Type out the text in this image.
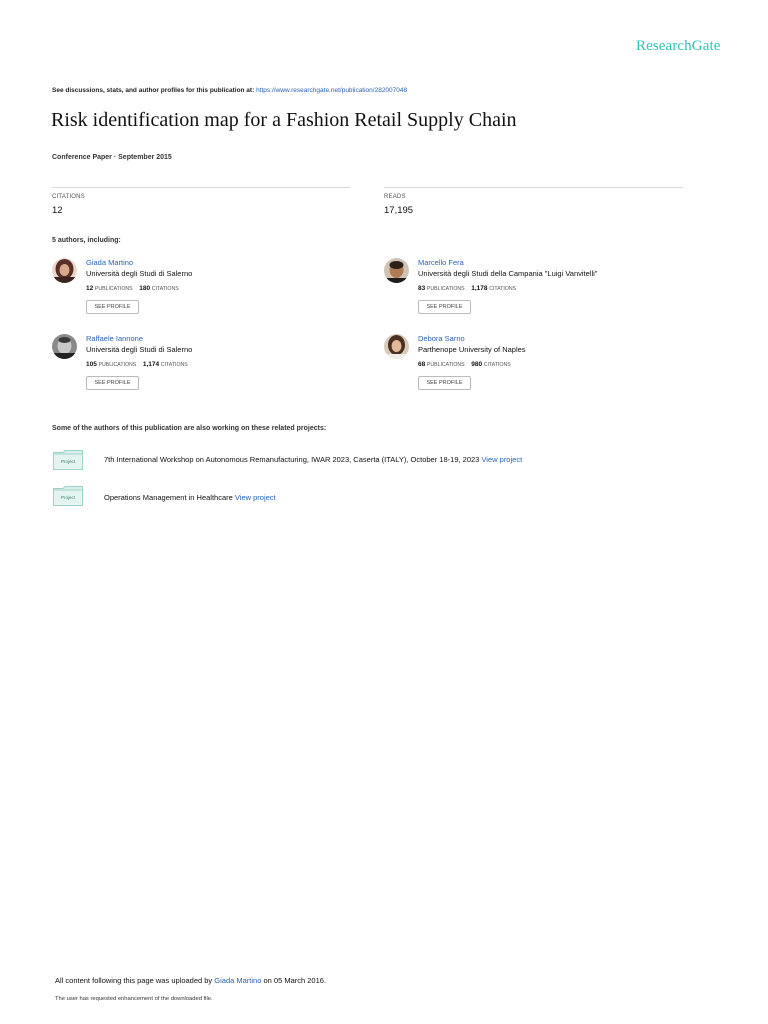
ResearchGate
See discussions, stats, and author profiles for this publication at: https://www.researchgate.net/publication/282007048
Risk identification map for a Fashion Retail Supply Chain
Conference Paper · September 2015
CITATIONS
12
READS
17,195
5 authors, including:
Giada Martino
Università degli Studi di Salerno
12 PUBLICATIONS 180 CITATIONS
SEE PROFILE
Marcello Fera
Università degli Studi della Campania "Luigi Vanvitelli"
83 PUBLICATIONS 1,178 CITATIONS
SEE PROFILE
Raffaele Iannone
Università degli Studi di Salerno
105 PUBLICATIONS 1,174 CITATIONS
SEE PROFILE
Debora Sarno
Parthenope University of Naples
68 PUBLICATIONS 980 CITATIONS
SEE PROFILE
Some of the authors of this publication are also working on these related projects:
Project	7th International Workshop on Autonomous Remanufacturing, IWAR 2023, Caserta (ITALY), October 18-19, 2023 View project
Project	Operations Management in Healthcare View project
All content following this page was uploaded by Giada Martino on 05 March 2016.
The user has requested enhancement of the downloaded file.
